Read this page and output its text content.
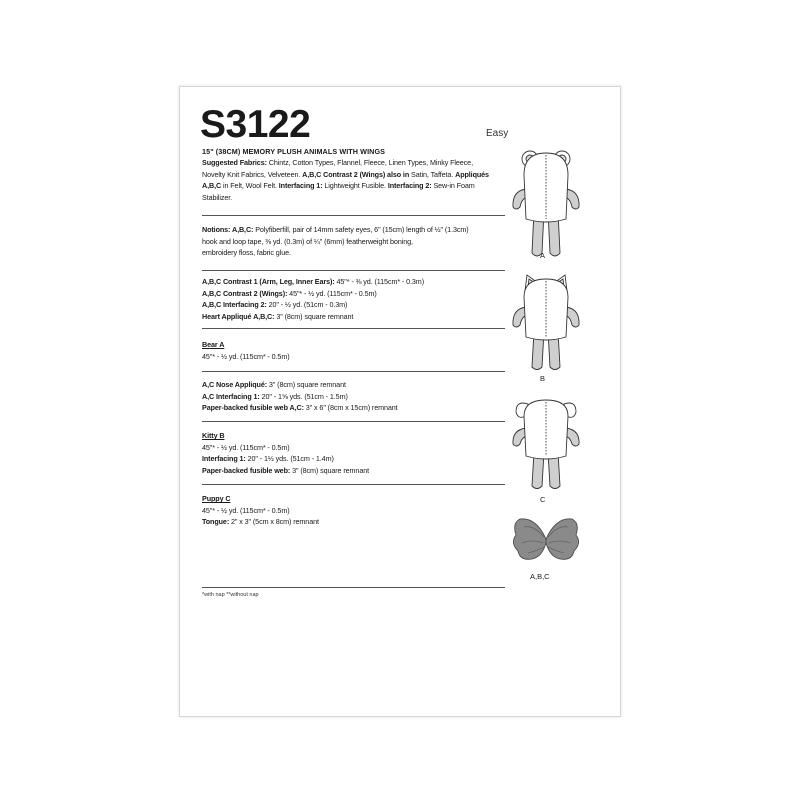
S3122	Easy
15" (38CM) MEMORY PLUSH ANIMALS WITH WINGS
Suggested Fabrics: Chintz, Cotton Types, Flannel, Fleece, Linen Types, Minky Fleece,
Novelty Knit Fabrics, Velveteen. A,B,C Contrast 2 (Wings) also in Satin, Taffeta. Appliqués
A,B,C in Felt, Wool Felt. Interfacing 1: Lightweight Fusible. Interfacing 2: Sew-in Foam
Stabilizer.
Notions: A,B,C: Polyfiberfill, pair of 14mm safety eyes, 6" (15cm) length of ½" (1.3cm)
hook and loop tape, ⅜ yd. (0.3m) of ¼" (6mm) featherweight boning,
embroidery floss, fabric glue.
A,B,C Contrast 1 (Arm, Leg, Inner Ears): 45"* - ⅜ yd. (115cm* - 0.3m)
A,B,C Contrast 2 (Wings): 45"* - ½ yd. (115cm* - 0.5m)
A,B,C Interfacing 2: 20" - ½ yd. (51cm - 0.3m)
Heart Appliqué A,B,C: 3" (8cm) square remnant
Bear A
45"* - ½ yd. (115cm* - 0.5m)
A,C Nose Appliqué: 3" (8cm) square remnant
A,C Interfacing 1: 20" - 1⅝ yds. (51cm - 1.5m)
Paper-backed fusible web A,C: 3" x 6" (8cm x 15cm) remnant
Kitty B
45"* - ½ yd. (115cm* - 0.5m)
Interfacing 1: 20" - 1½ yds. (51cm - 1.4m)
Paper-backed fusible web: 3" (8cm) square remnant
Puppy C
45"* - ½ yd. (115cm* - 0.5m)
Tongue: 2" x 3" (5cm x 8cm) remnant
*with nap **without nap
A
B
C
A,B,C
